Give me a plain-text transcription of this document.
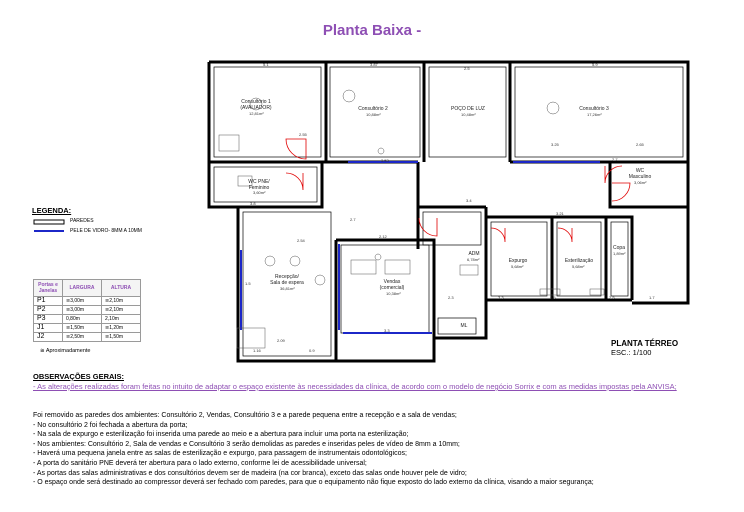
Planta Baixa -
Consultório 1
(AVALIADOR)
12,81m²
Consultório 2
10,88m²
POÇO DE LUZ
10,48m²
Consultório 3
17,26m²
WC PNE/
Feminino
3,60m²
WC
Masculino
3,06m²
Recepção/
Sala de espera
36,81m²
Vendas
(comercial)
10,38m²
ADM
6,78m²	Expurgo
5,68m²
Esterilização
5,68m²
Copa
1,89m²
ML
5.1	3.87
2.5
5.9
3.8
3.25	2.65
3.4
3.21
2.7
2.12
3.53
2.55
2.54
2.09
1.16	0.9
2.7
3.3
1.7
2.5
1.5
2.3	3.3	2.5
LEGENDA:
PAREDES
PELE DE VIDRO- 8MM A 10MM
Portas e
Janelas	LARGURA	ALTURA
P1	≅3,00m	≅2,10m
P2	≅3,00m	≅2,10m
P3	0,80m	2,10m
J1	≅1,50m	≅1,20m
J2	≅2,50m	≅1,50m
≅ Aproximadamente
PLANTA TÉRREO
ESC.: 1/100
OBSERVAÇÕES GERAIS:
- As alterações realizadas foram feitas no intuito de adaptar o espaço existente às necessidades da clínica, de acordo com o modelo de negócio Sorrix e com as medidas impostas pela ANVISA;
Foi removido as paredes dos ambientes: Consultório 2, Vendas, Consultório 3 e a parede pequena entre a recepção e a sala de vendas;
- No consultório 2 foi fechada a abertura da porta;
- Na sala de expurgo e esterilização foi inserida uma parede ao meio e a abertura para incluir uma porta na esterilização;
- Nos ambientes: Consultório 2, Sala de vendas e Consultório 3 serão demolidas as paredes e inseridas peles de vídeo de 8mm a 10mm;
- Haverá uma pequena janela entre as salas de esterilização e expurgo, para passagem de instrumentais odontológicos;
- A porta do sanitário PNE deverá ter abertura para o lado externo, conforme lei de acessibilidade universal;
- As portas das salas administrativas e dos consultórios devem ser de madeira (na cor branca), exceto das salas onde houver pele de vidro;
- O espaço onde será destinado ao compressor deverá ser fechado com paredes, para que o equipamento não fique exposto do lado externo da clínica, visando a maior segurança;
